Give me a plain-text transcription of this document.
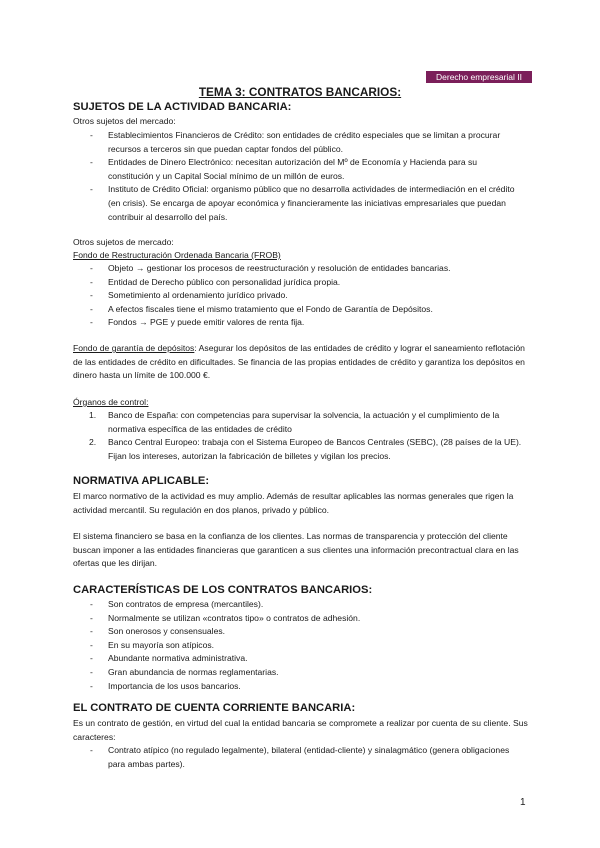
Derecho empresarial II
TEMA 3: CONTRATOS BANCARIOS:
SUJETOS DE LA ACTIVIDAD BANCARIA:
Otros sujetos del mercado:
- Establecimientos Financieros de Crédito: son entidades de crédito especiales que se limitan a procurar recursos a terceros sin que puedan captar fondos del público.
- Entidades de Dinero Electrónico: necesitan autorización del Mº de Economía y Hacienda para su constitución y un Capital Social mínimo de un millón de euros.
- Instituto de Crédito Oficial: organismo público que no desarrolla actividades de intermediación en el crédito (en crisis). Se encarga de apoyar económica y financieramente las iniciativas empresariales que puedan contribuir al desarrollo del país.
Otros sujetos de mercado:
Fondo de Restructuración Ordenada Bancaria (FROB)
- Objeto → gestionar los procesos de reestructuración y resolución de entidades bancarias.
- Entidad de Derecho público con personalidad jurídica propia.
- Sometimiento al ordenamiento jurídico privado.
- A efectos fiscales tiene el mismo tratamiento que el Fondo de Garantía de Depósitos.
- Fondos → PGE y puede emitir valores de renta fija.
Fondo de garantía de depósitos: Asegurar los depósitos de las entidades de crédito y lograr el saneamiento reflotación de las entidades de crédito en dificultades. Se financia de las propias entidades de crédito y garantiza los depósitos en dinero hasta un límite de 100.000 €.
Órganos de control:
1. Banco de España: con competencias para supervisar la solvencia, la actuación y el cumplimiento de la normativa específica de las entidades de crédito
2. Banco Central Europeo: trabaja con el Sistema Europeo de Bancos Centrales (SEBC), (28 países de la UE). Fijan los intereses, autorizan la fabricación de billetes y vigilan los precios.
NORMATIVA APLICABLE:
El marco normativo de la actividad es muy amplio. Además de resultar aplicables las normas generales que rigen la actividad mercantil. Su regulación en dos planos, privado y público.
El sistema financiero se basa en la confianza de los clientes. Las normas de transparencia y protección del cliente buscan imponer a las entidades financieras que garanticen a sus clientes una información precontractual clara en las ofertas que les dirijan.
CARACTERÍSTICAS DE LOS CONTRATOS BANCARIOS:
- Son contratos de empresa (mercantiles).
- Normalmente se utilizan «contratos tipo» o contratos de adhesión.
- Son onerosos y consensuales.
- En su mayoría son atípicos.
- Abundante normativa administrativa.
- Gran abundancia de normas reglamentarias.
- Importancia de los usos bancarios.
EL CONTRATO DE CUENTA CORRIENTE BANCARIA:
Es un contrato de gestión, en virtud del cual la entidad bancaria se compromete a realizar por cuenta de su cliente. Sus caracteres:
- Contrato atípico (no regulado legalmente), bilateral (entidad-cliente) y sinalagmático (genera obligaciones para ambas partes).
1
